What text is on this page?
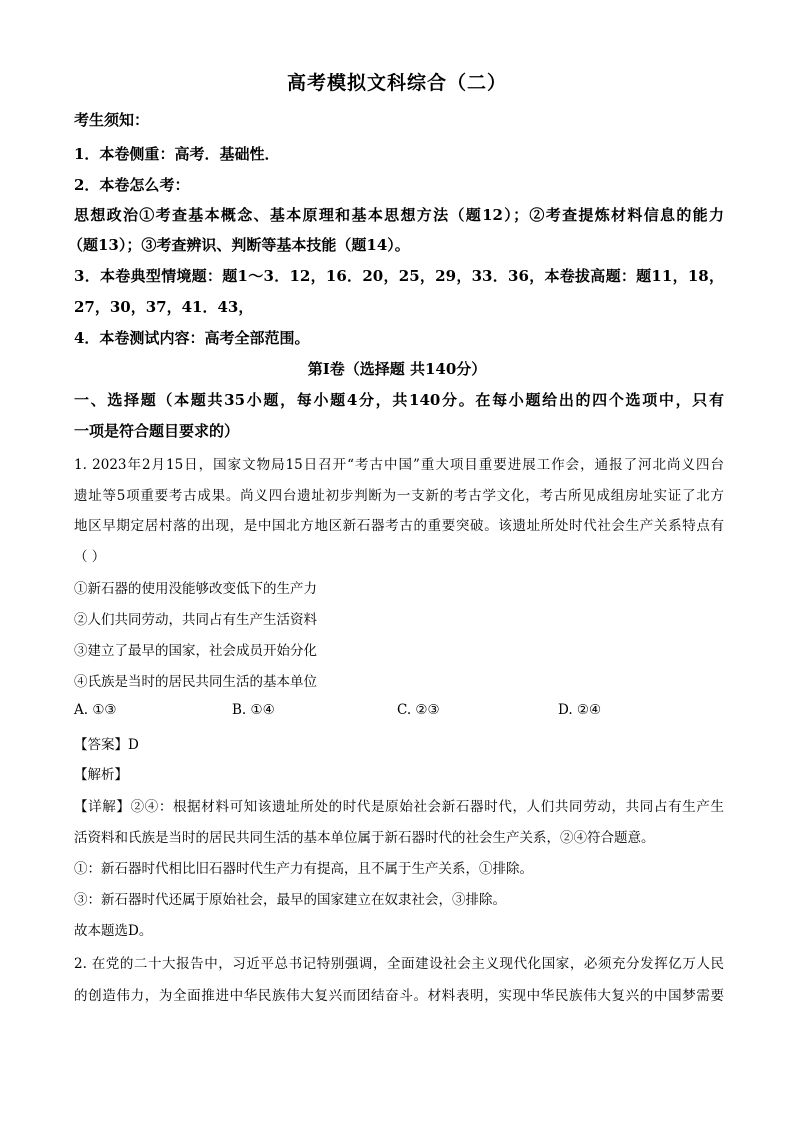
高考模拟文科综合（二）
考生须知：
1．本卷侧重：高考．基础性．
2．本卷怎么考：
思想政治①考查基本概念、基本原理和基本思想方法（题12）；②考查提炼材料信息的能力
（题13）；③考查辨识、判断等基本技能（题14）。
3．本卷典型情境题：题1～3．12，16．20，25，29，33．36，本卷拔高题：题11，18，
27，30，37，41．43，
4．本卷测试内容：高考全部范围。
第Ⅰ卷（选择题 共140分）
一、选择题（本题共35小题，每小题4分，共140分。在每小题给出的四个选项中，只有
一项是符合题目要求的）
1. 2023年2月15日，国家文物局15日召开“考古中国”重大项目重要进展工作会，通报了河北尚义四台
遗址等5项重要考古成果。尚义四台遗址初步判断为一支新的考古学文化，考古所见成组房址实证了北方
地区早期定居村落的出现，是中国北方地区新石器考古的重要突破。该遗址所处时代社会生产关系特点有
（ ）
①新石器的使用没能够改变低下的生产力
②人们共同劳动，共同占有生产生活资料
③建立了最早的国家，社会成员开始分化
④氏族是当时的居民共同生活的基本单位
A. ①③	B. ①④	C. ②③	D. ②④
【答案】D
【解析】
【详解】②④：根据材料可知该遗址所处的时代是原始社会新石器时代，人们共同劳动，共同占有生产生
活资料和氏族是当时的居民共同生活的基本单位属于新石器时代的社会生产关系，②④符合题意。
①：新石器时代相比旧石器时代生产力有提高，且不属于生产关系，①排除。
③：新石器时代还属于原始社会，最早的国家建立在奴隶社会，③排除。
故本题选D。
2. 在党的二十大报告中，习近平总书记特别强调，全面建设社会主义现代化国家，必须充分发挥亿万人民
的创造伟力，为全面推进中华民族伟大复兴而团结奋斗。材料表明，实现中华民族伟大复兴的中国梦需要
